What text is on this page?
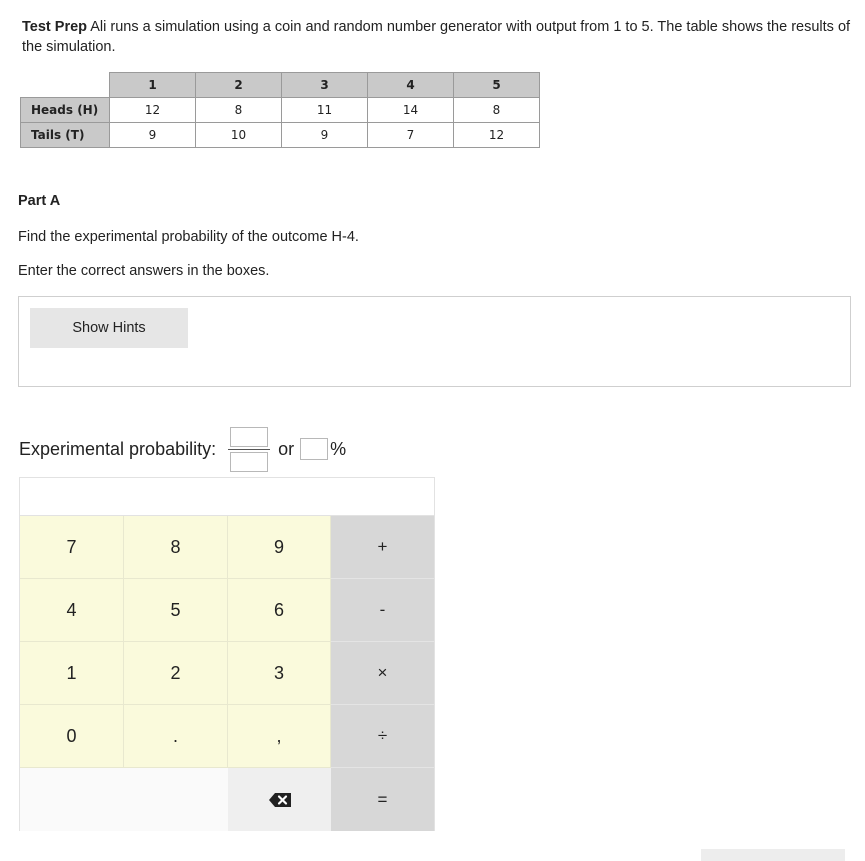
Test Prep Ali runs a simulation using a coin and random number generator with output from 1 to 5. The table shows the results of the simulation.
	1	2	3	4	5
Heads (H)	12	8	11	14	8
Tails (T)	9	10	9	7	12
Part A
Find the experimental probability of the outcome H-4.
Enter the correct answers in the boxes.
Show Hints
Experimental probability:	or %
7	8	9	+
4	5	6	-
1	2	3	×
0	.	,	÷
=
